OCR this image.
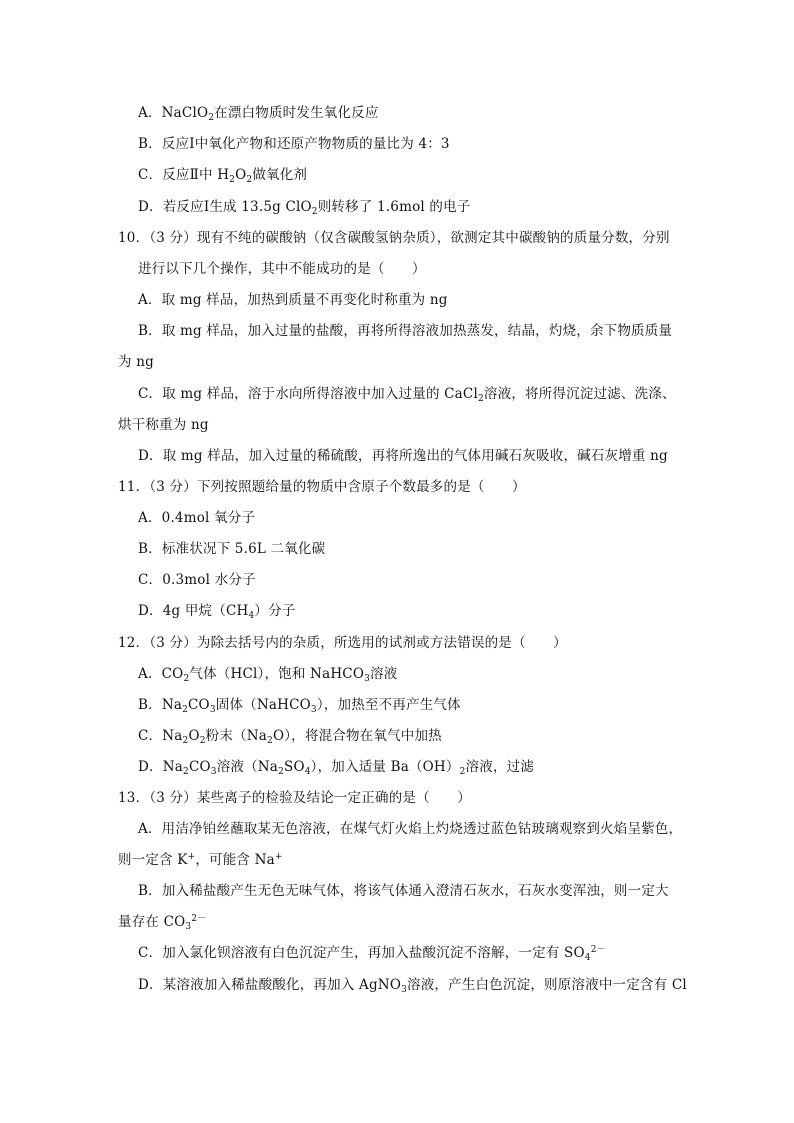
A．NaClO$_2$在漂白物质时发生氧化反应
B．反应Ⅰ中氧化产物和还原产物物质的量比为 4：3
C．反应Ⅱ中 $H_2O_2$做氧化剂
D．若反应Ⅰ生成 13.5g ClO$_2$则转移了 1.6mol 的电子
10．（3 分）现有不纯的碳酸钠（仅含碳酸氢钠杂质），欲测定其中碳酸钠的质量分数，分别
进行以下几个操作，其中不能成功的是（　　）
A．取 mg 样品，加热到质量不再变化时称重为 ng
B．取 mg 样品，加入过量的盐酸，再将所得溶液加热蒸发，结晶，灼烧，余下物质质量
为 ng
C．取 mg 样品，溶于水向所得溶液中加入过量的 CaCl$_2$溶液，将所得沉淀过滤、洗涤、
烘干称重为 ng
D．取 mg 样品，加入过量的稀硫酸，再将所逸出的气体用碱石灰吸收，碱石灰增重 ng
11．（3 分）下列按照题给量的物质中含原子个数最多的是（　　）
A．0.4mol 氧分子
B．标准状况下 5.6L 二氧化碳
C．0.3mol 水分子
D．4g 甲烷$(CH_4)$分子
12．（3 分）为除去括号内的杂质，所选用的试剂或方法错误的是（　　）
A．$CO_2$气体（HCl），饱和 NaHCO$_3$溶液
B．$Na_2CO_3$固体（NaHCO$_3$），加热至不再产生气体
C．$Na_2O_2$粉末$(Na_2O)$，将混合物在氧气中加热
D．$Na_2CO_3$溶液$(Na_2SO_4)$，加入适量 $Ba(OH)_2$溶液，过滤
13．（3 分）某些离子的检验及结论一定正确的是（　　）
A．用洁净铂丝蘸取某无色溶液，在煤气灯火焰上灼烧透过蓝色钴玻璃观察到火焰呈紫色，
则一定含 K+，可能含 Na+
B．加入稀盐酸产生无色无味气体，将该气体通入澄清石灰水，石灰水变浑浊，则一定大
量存在 $CO_3^{2-}$
C．加入氯化钡溶液有白色沉淀产生，再加入盐酸沉淀不溶解，一定有 $SO_4^{2-}$
D．某溶液加入稀盐酸酸化，再加入 AgNO$_3$溶液，产生白色沉淀，则原溶液中一定含有 Cl
